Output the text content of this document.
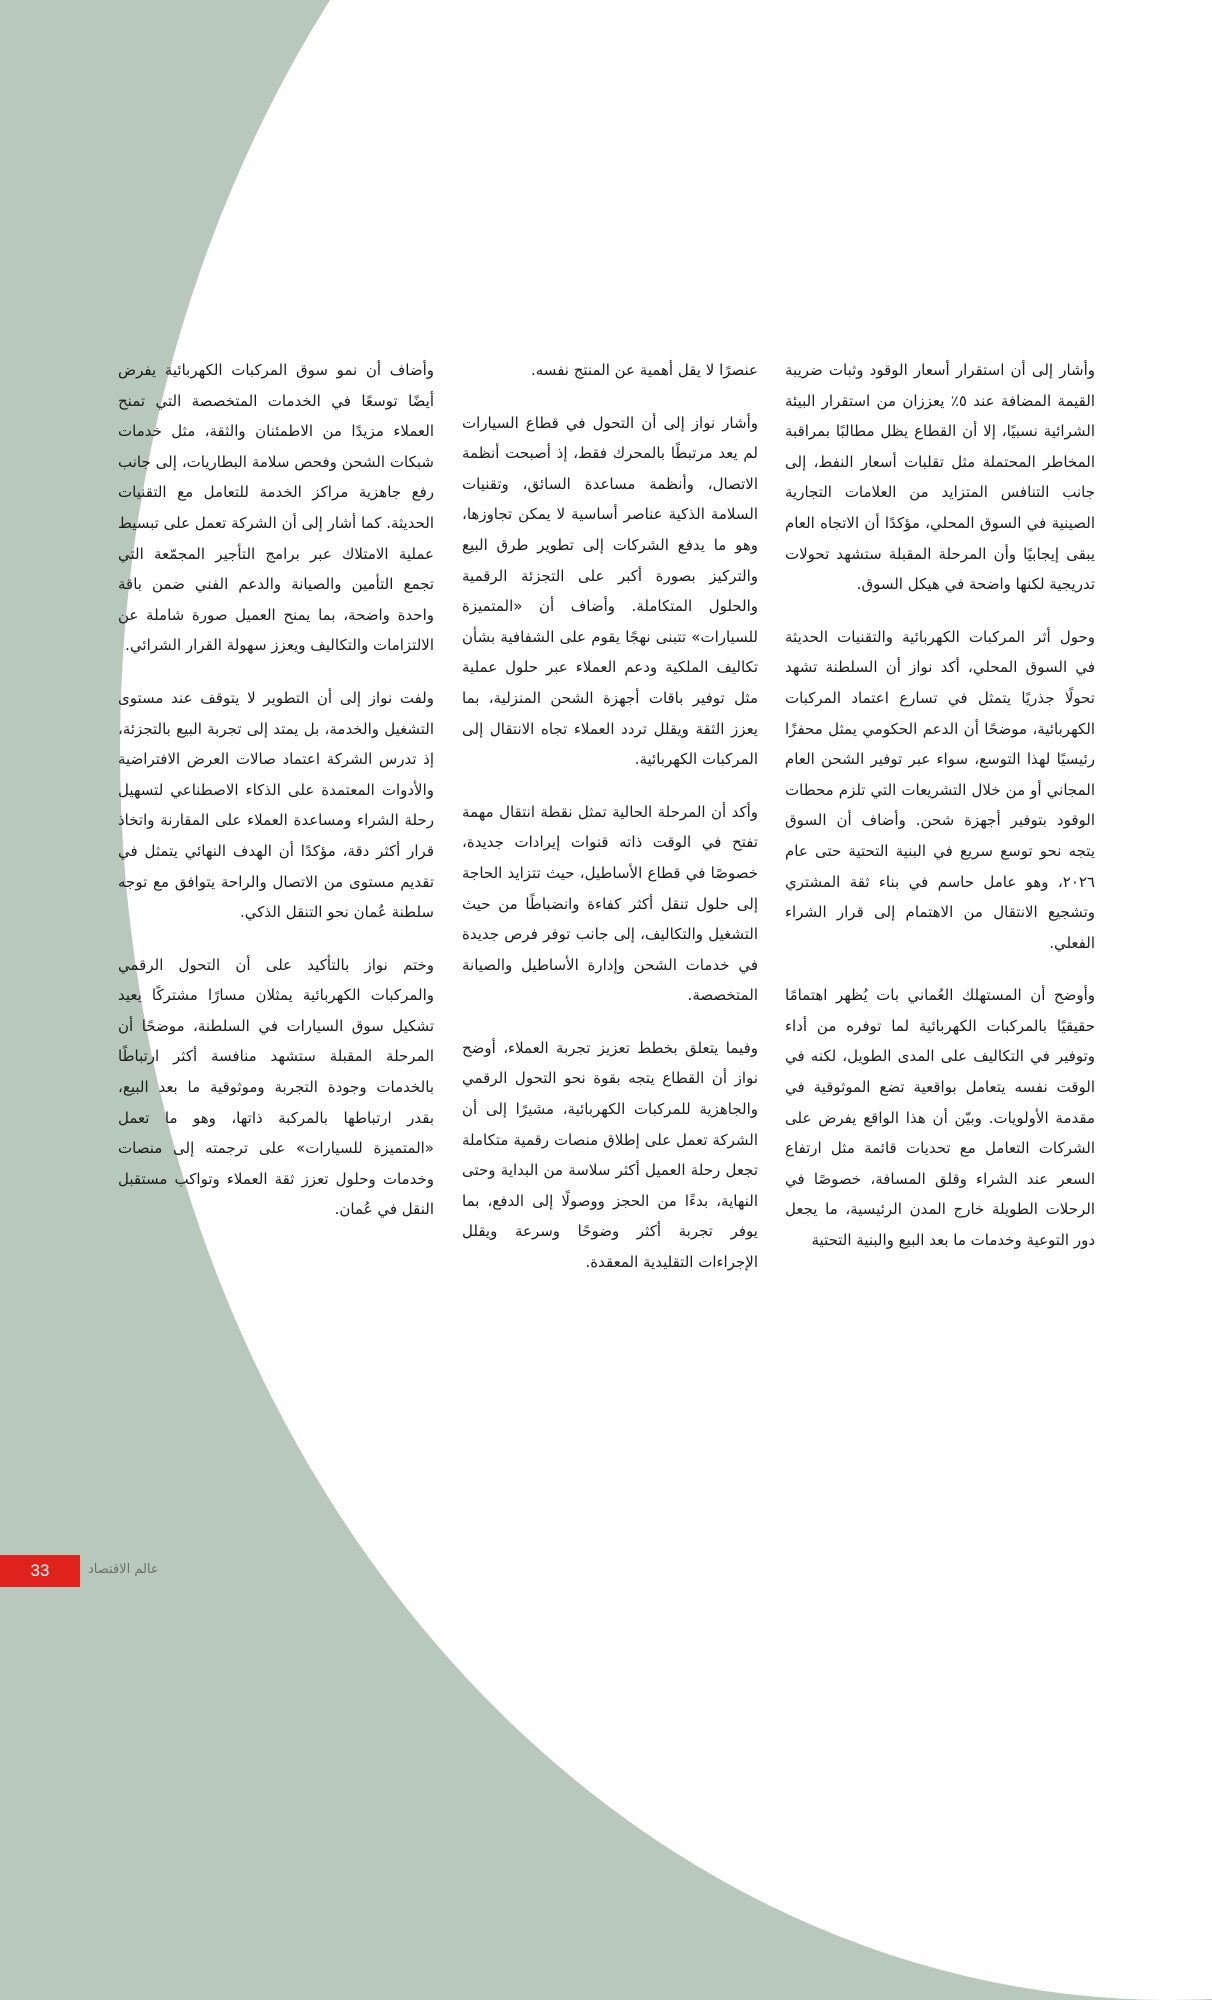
وأشار إلى أن استقرار أسعار الوقود وثبات ضريبة القيمة المضافة عند ٥٪ يعززان من استقرار البيئة الشرائية نسبيًا، إلا أن القطاع يظل مطالبًا بمراقبة المخاطر المحتملة مثل تقلبات أسعار النفط، إلى جانب التنافس المتزايد من العلامات التجارية الصينية في السوق المحلي، مؤكدًا أن الاتجاه العام يبقى إيجابيًا وأن المرحلة المقبلة ستشهد تحولات تدريجية لكنها واضحة في هيكل السوق.

وحول أثر المركبات الكهربائية والتقنيات الحديثة في السوق المحلي، أكد نواز أن السلطنة تشهد تحولًا جذريًا يتمثل في تسارع اعتماد المركبات الكهربائية، موضحًا أن الدعم الحكومي يمثل محفزًا رئيسيًا لهذا التوسع، سواء عبر توفير الشحن العام المجاني أو من خلال التشريعات التي تلزم محطات الوقود بتوفير أجهزة شحن. وأضاف أن السوق يتجه نحو توسع سريع في البنية التحتية حتى عام ٢٠٢٦، وهو عامل حاسم في بناء ثقة المشتري وتشجيع الانتقال من الاهتمام إلى قرار الشراء الفعلي.

وأوضح أن المستهلك العُماني بات يُظهر اهتمامًا حقيقيًا بالمركبات الكهربائية لما توفره من أداء وتوفير في التكاليف على المدى الطويل، لكنه في الوقت نفسه يتعامل بواقعية تضع الموثوقية في مقدمة الأولويات. وبيّن أن هذا الواقع يفرض على الشركات التعامل مع تحديات قائمة مثل ارتفاع السعر عند الشراء وقلق المسافة، خصوصًا في الرحلات الطويلة خارج المدن الرئيسية، ما يجعل دور التوعية وخدمات ما بعد البيع والبنية التحتية

عنصرًا لا يقل أهمية عن المنتج نفسه.

وأشار نواز إلى أن التحول في قطاع السيارات لم يعد مرتبطًا بالمحرك فقط، إذ أصبحت أنظمة الاتصال، وأنظمة مساعدة السائق، وتقنيات السلامة الذكية عناصر أساسية لا يمكن تجاوزها، وهو ما يدفع الشركات إلى تطوير طرق البيع والتركيز بصورة أكبر على التجزئة الرقمية والحلول المتكاملة. وأضاف أن «المتميزة للسيارات» تتبنى نهجًا يقوم على الشفافية بشأن تكاليف الملكية ودعم العملاء عبر حلول عملية مثل توفير باقات أجهزة الشحن المنزلية، بما يعزز الثقة ويقلل تردد العملاء تجاه الانتقال إلى المركبات الكهربائية.

وأكد أن المرحلة الحالية تمثل نقطة انتقال مهمة تفتح في الوقت ذاته قنوات إيرادات جديدة، خصوصًا في قطاع الأساطيل، حيث تتزايد الحاجة إلى حلول تنقل أكثر كفاءة وانضباطًا من حيث التشغيل والتكاليف، إلى جانب توفر فرص جديدة في خدمات الشحن وإدارة الأساطيل والصيانة المتخصصة.

وفيما يتعلق بخطط تعزيز تجربة العملاء، أوضح نواز أن القطاع يتجه بقوة نحو التحول الرقمي والجاهزية للمركبات الكهربائية، مشيرًا إلى أن الشركة تعمل على إطلاق منصات رقمية متكاملة تجعل رحلة العميل أكثر سلاسة من البداية وحتى النهاية، بدءًا من الحجز ووصولًا إلى الدفع، بما يوفر تجربة أكثر وضوحًا وسرعة ويقلل الإجراءات التقليدية المعقدة.

وأضاف أن نمو سوق المركبات الكهربائية يفرض أيضًا توسعًا في الخدمات المتخصصة التي تمنح العملاء مزيدًا من الاطمئنان والثقة، مثل خدمات شبكات الشحن وفحص سلامة البطاريات، إلى جانب رفع جاهزية مراكز الخدمة للتعامل مع التقنيات الحديثة. كما أشار إلى أن الشركة تعمل على تبسيط عملية الامتلاك عبر برامج التأجير المجمّعة التي تجمع التأمين والصيانة والدعم الفني ضمن باقة واحدة واضحة، بما يمنح العميل صورة شاملة عن الالتزامات والتكاليف ويعزز سهولة القرار الشرائي.

ولفت نواز إلى أن التطوير لا يتوقف عند مستوى التشغيل والخدمة، بل يمتد إلى تجربة البيع بالتجزئة، إذ تدرس الشركة اعتماد صالات العرض الافتراضية والأدوات المعتمدة على الذكاء الاصطناعي لتسهيل رحلة الشراء ومساعدة العملاء على المقارنة واتخاذ قرار أكثر دقة، مؤكدًا أن الهدف النهائي يتمثل في تقديم مستوى من الاتصال والراحة يتوافق مع توجه سلطنة عُمان نحو التنقل الذكي.

وختم نواز بالتأكيد على أن التحول الرقمي والمركبات الكهربائية يمثلان مسارًا مشتركًا يعيد تشكيل سوق السيارات في السلطنة، موضحًا أن المرحلة المقبلة ستشهد منافسة أكثر ارتباطًا بالخدمات وجودة التجربة وموثوقية ما بعد البيع، بقدر ارتباطها بالمركبة ذاتها، وهو ما تعمل «المتميزة للسيارات» على ترجمته إلى منصات وخدمات وحلول تعزز ثقة العملاء وتواكب مستقبل النقل في عُمان.

33	عالم الاقتصاد
